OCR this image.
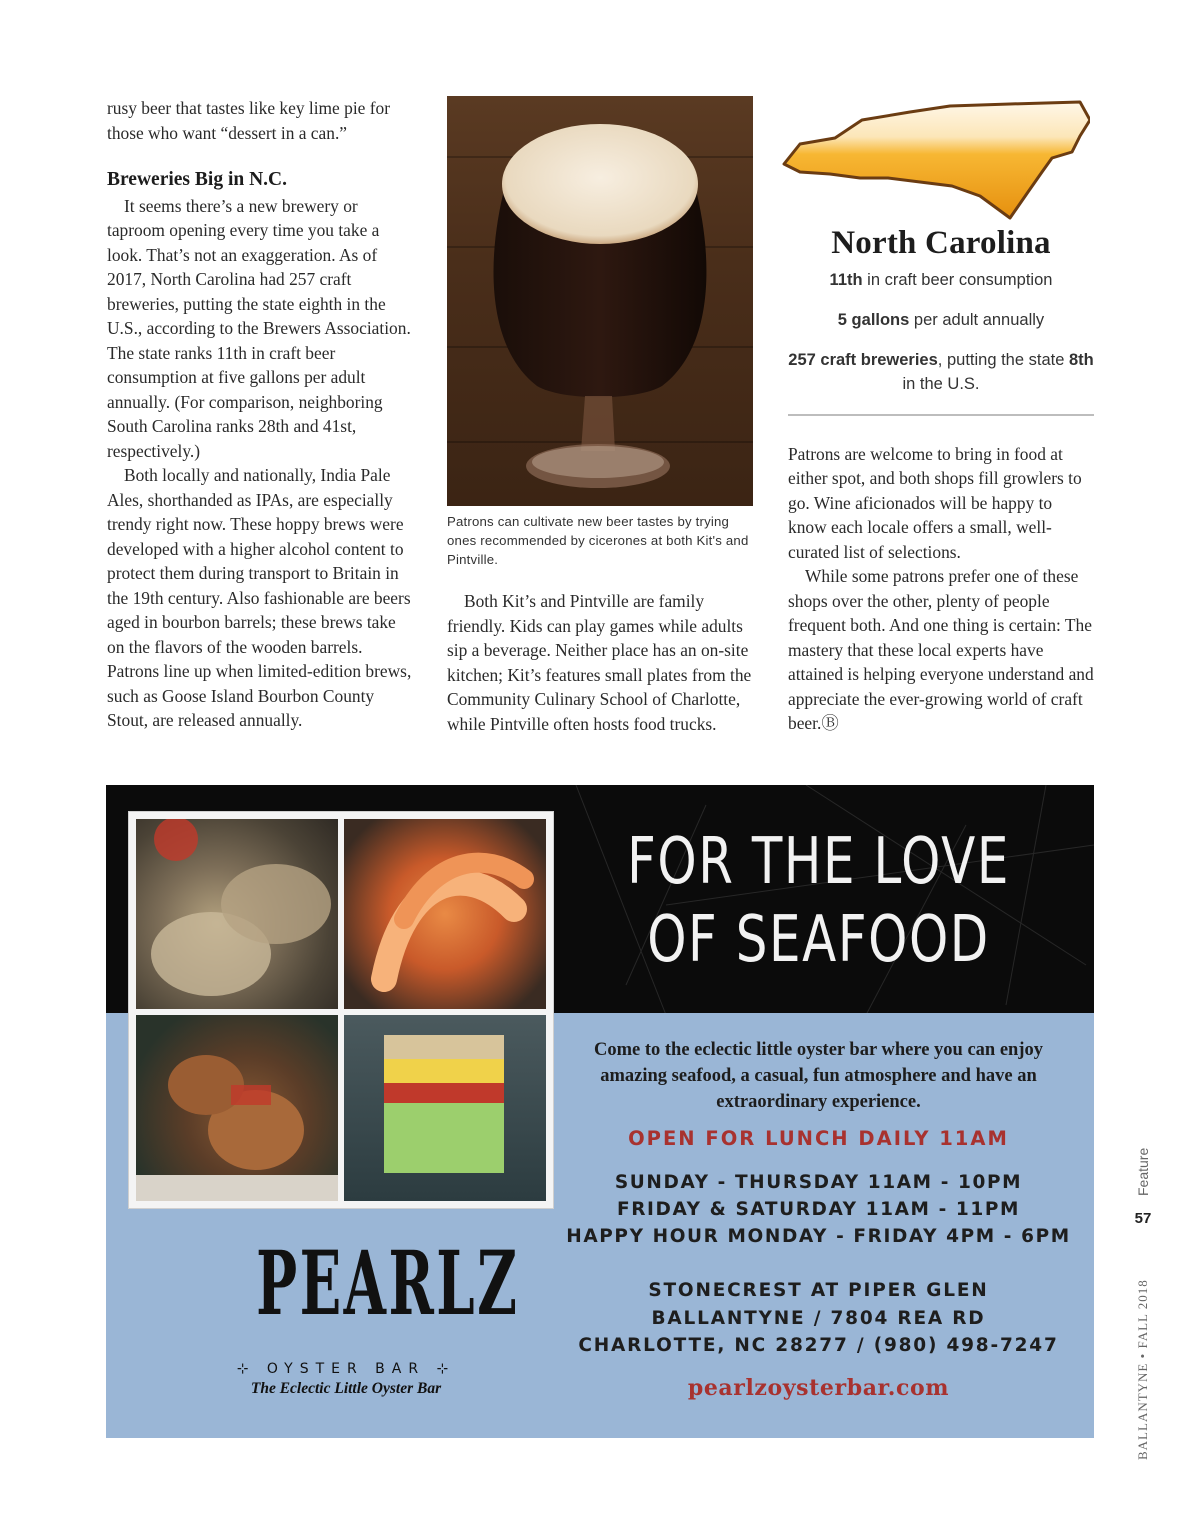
rusy beer that tastes like key lime pie for those who want “dessert in a can.”

Breweries Big in N.C.

It seems there’s a new brewery or taproom opening every time you take a look. That’s not an exaggeration. As of 2017, North Carolina had 257 craft breweries, putting the state eighth in the U.S., according to the Brewers Association. The state ranks 11th in craft beer consumption at five gallons per adult annually. (For comparison, neighboring South Carolina ranks 28th and 41st, respectively.)

Both locally and nationally, India Pale Ales, shorthanded as IPAs, are especially trendy right now. These hoppy brews were developed with a higher alcohol content to protect them during transport to Britain in the 19th century. Also fashionable are beers aged in bourbon barrels; these brews take on the flavors of the wooden barrels. Patrons line up when limited-edition brews, such as Goose Island Bourbon County Stout, are released annually.

Patrons can cultivate new beer tastes by trying ones recommended by cicerones at both Kit's and Pintville.

Both Kit’s and Pintville are family friendly. Kids can play games while adults sip a beverage. Neither place has an on-site kitchen; Kit’s features small plates from the Community Culinary School of Charlotte, while Pintville often hosts food trucks.

North Carolina
11th in craft beer consumption
5 gallons per adult annually
257 craft breweries, putting the state 8th in the U.S.

Patrons are welcome to bring in food at either spot, and both shops fill growlers to go. Wine aficionados will be happy to know each locale offers a small, well-curated list of selections.

While some patrons prefer one of these shops over the other, plenty of people frequent both. And one thing is certain: The mastery that these local experts have attained is helping everyone understand and appreciate the ever-growing world of craft beer.Ⓑ

FOR THE LOVE
OF SEAFOOD
Come to the eclectic little oyster bar where you can enjoy amazing seafood, a casual, fun atmosphere and have an extraordinary experience.
OPEN FOR LUNCH DAILY 11AM
SUNDAY - THURSDAY 11AM - 10PM
FRIDAY & SATURDAY 11AM - 11PM
HAPPY HOUR MONDAY - FRIDAY 4PM - 6PM
STONECREST AT PIPER GLEN
BALLANTYNE / 7804 REA RD
CHARLOTTE, NC 28277 / (980) 498-7247
pearlzoysterbar.com
PEARLZ
⊹ OYSTER BAR ⊹
The Eclectic Little Oyster Bar
Feature
57
BALLANTYNE • FALL 2018
